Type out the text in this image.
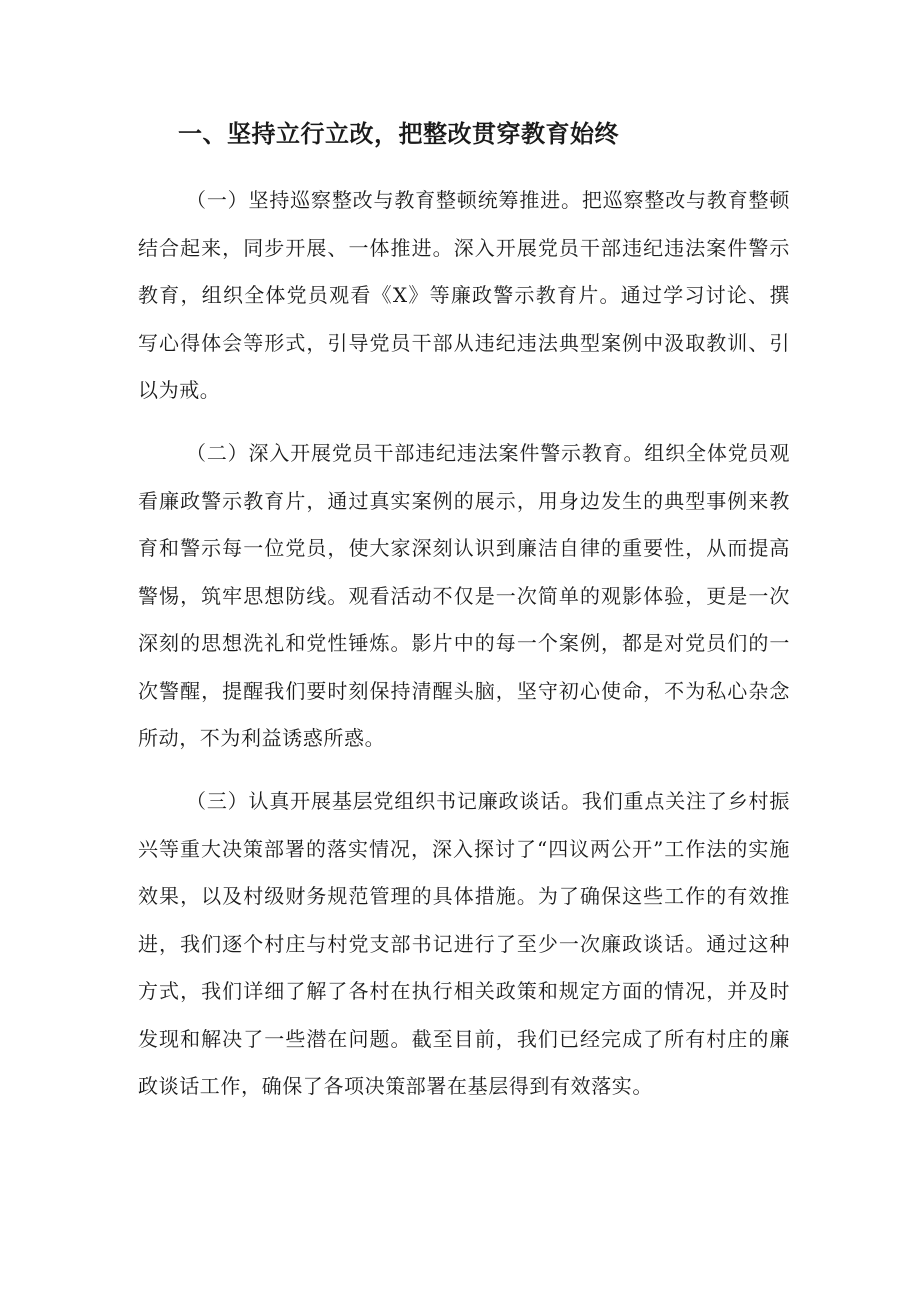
一、坚持立行立改，把整改贯穿教育始终

（一）坚持巡察整改与教育整顿统筹推进。把巡察整改与教育整顿结合起来，同步开展、一体推进。深入开展党员干部违纪违法案件警示教育，组织全体党员观看《X》等廉政警示教育片。通过学习讨论、撰写心得体会等形式，引导党员干部从违纪违法典型案例中汲取教训、引以为戒。

（二）深入开展党员干部违纪违法案件警示教育。组织全体党员观看廉政警示教育片，通过真实案例的展示，用身边发生的典型事例来教育和警示每一位党员，使大家深刻认识到廉洁自律的重要性，从而提高警惕，筑牢思想防线。观看活动不仅是一次简单的观影体验，更是一次深刻的思想洗礼和党性锤炼。影片中的每一个案例，都是对党员们的一次警醒，提醒我们要时刻保持清醒头脑，坚守初心使命，不为私心杂念所动，不为利益诱惑所惑。

（三）认真开展基层党组织书记廉政谈话。我们重点关注了乡村振兴等重大决策部署的落实情况，深入探讨了“四议两公开”工作法的实施效果，以及村级财务规范管理的具体措施。为了确保这些工作的有效推进，我们逐个村庄与村党支部书记进行了至少一次廉政谈话。通过这种方式，我们详细了解了各村在执行相关政策和规定方面的情况，并及时发现和解决了一些潜在问题。截至目前，我们已经完成了所有村庄的廉政谈话工作，确保了各项决策部署在基层得到有效落实。
